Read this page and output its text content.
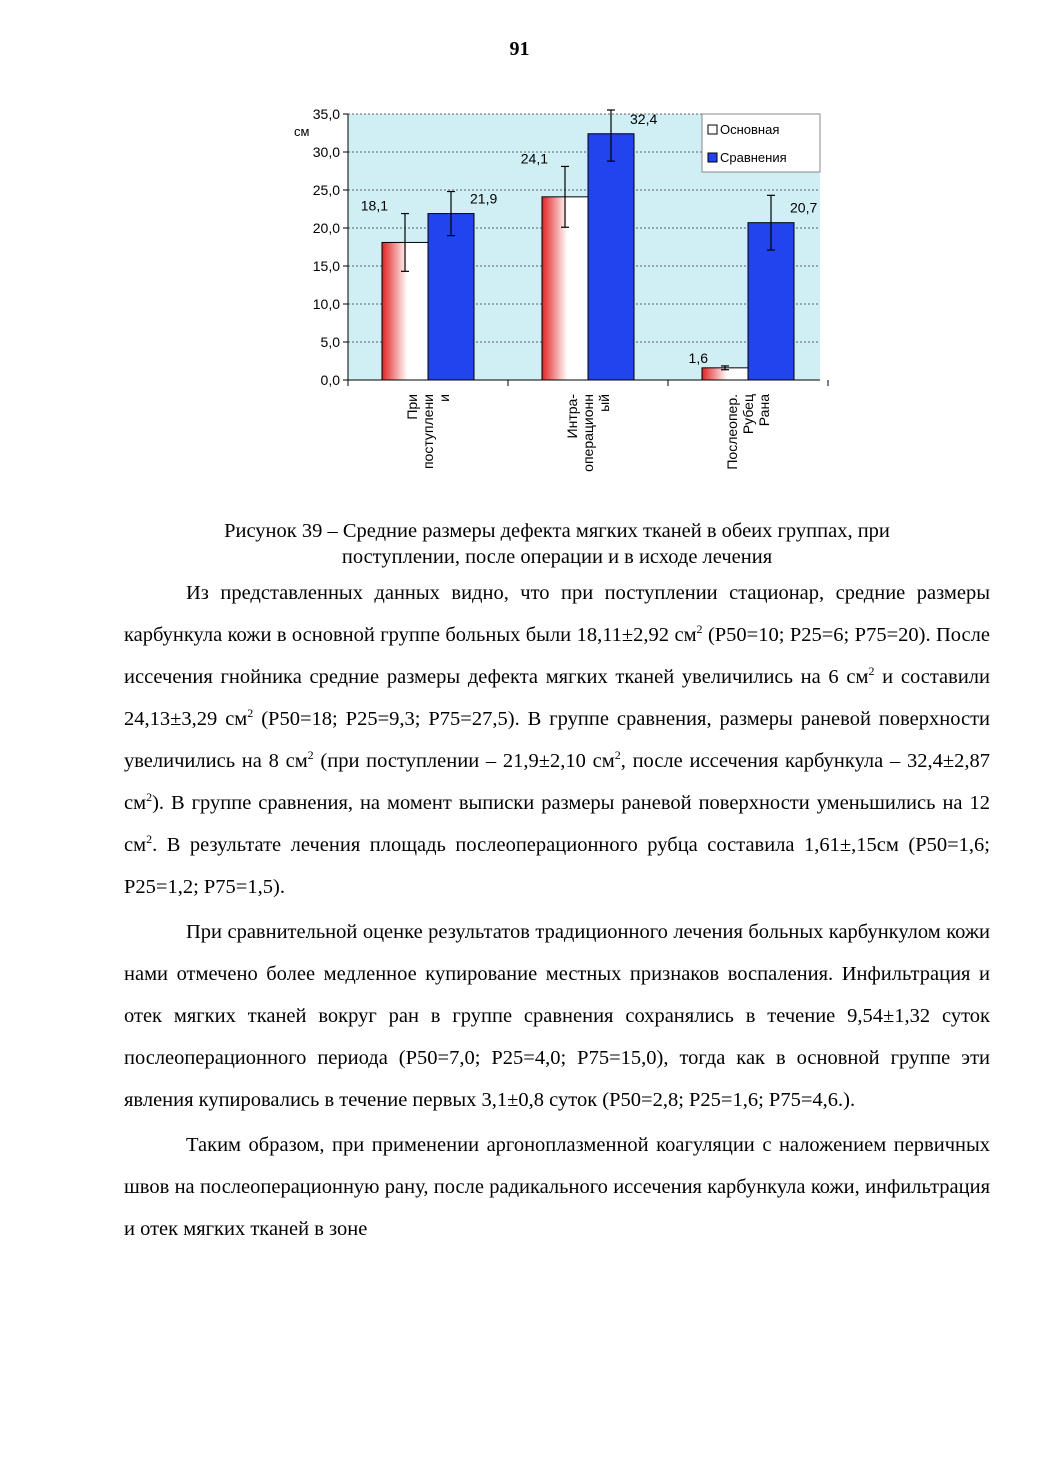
91
18,1
24,1
1,6
21,9
32,4
20,7
0,0
5,0
10,0
15,0
20,0
25,0
30,0
35,0
При поступлени и	Интра- операционн ый	Послеопер. Рубец Рана
см	Основная
Сравнения
Рисунок 39 – Средние размеры дефекта мягких тканей в обеих группах, при
поступлении, после операции и в исходе лечения

Из представленных данных видно, что при поступлении стационар, средние размеры карбункула кожи в основной группе больных были 18,11±2,92 $см^2$ (P50=10; P25=6; P75=20). После иссечения гнойника средние размеры дефекта мягких тканей увеличились на 6 $см^2$ и составили 24,13±3,29 $см^2$ (P50=18; P25=9,3; P75=27,5). В группе сравнения, размеры раневой поверхности увеличились на 8 $см^2$ (при поступлении – 21,9±2,10 $см^2$, после иссечения карбункула – 32,4±2,87 $см^2$). В группе сравнения, на момент выписки размеры раневой поверхности уменьшились на 12 $см^2$. В результате лечения площадь послеоперационного рубца составила 1,61±,15см (P50=1,6; P25=1,2; P75=1,5).

При сравнительной оценке результатов традиционного лечения больных карбункулом кожи нами отмечено более медленное купирование местных признаков воспаления. Инфильтрация и отек мягких тканей вокруг ран в группе сравнения сохранялись в течение 9,54±1,32 суток послеоперационного периода (P50=7,0; P25=4,0; P75=15,0), тогда как в основной группе эти явления купировались в течение первых 3,1±0,8 суток (P50=2,8; P25=1,6; P75=4,6.).

Таким образом, при применении аргоноплазменной коагуляции с наложением первичных швов на послеоперационную рану, после радикального иссечения карбункула кожи, инфильтрация и отек мягких тканей в зоне
